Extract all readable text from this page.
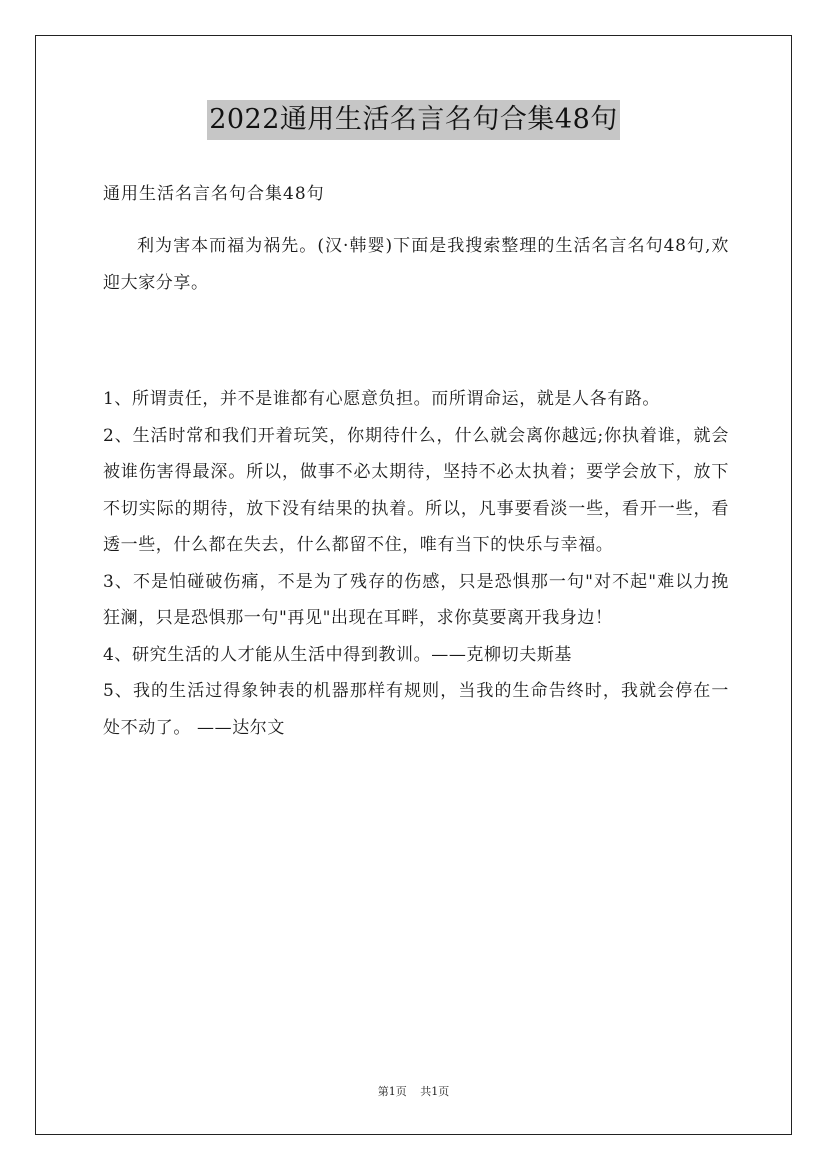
2022通用生活名言名句合集48句
通用生活名言名句合集48句

利为害本而福为祸先。(汉·韩婴)下面是我搜索整理的生活名言名句48句,欢迎大家分享。

1、所谓责任，并不是谁都有心愿意负担。而所谓命运，就是人各有路。

2、生活时常和我们开着玩笑，你期待什么，什么就会离你越远;你执着谁，就会被谁伤害得最深。所以，做事不必太期待，坚持不必太执着；要学会放下，放下不切实际的期待，放下没有结果的执着。所以，凡事要看淡一些，看开一些，看透一些，什么都在失去，什么都留不住，唯有当下的快乐与幸福。

3、不是怕碰破伤痛，不是为了残存的伤感，只是恐惧那一句"对不起"难以力挽狂澜，只是恐惧那一句"再见"出现在耳畔，求你莫要离开我身边！

4、研究生活的人才能从生活中得到教训。——克柳切夫斯基

5、我的生活过得象钟表的机器那样有规则，当我的生命告终时，我就会停在一处不动了。 ——达尔文

第1页 共1页
